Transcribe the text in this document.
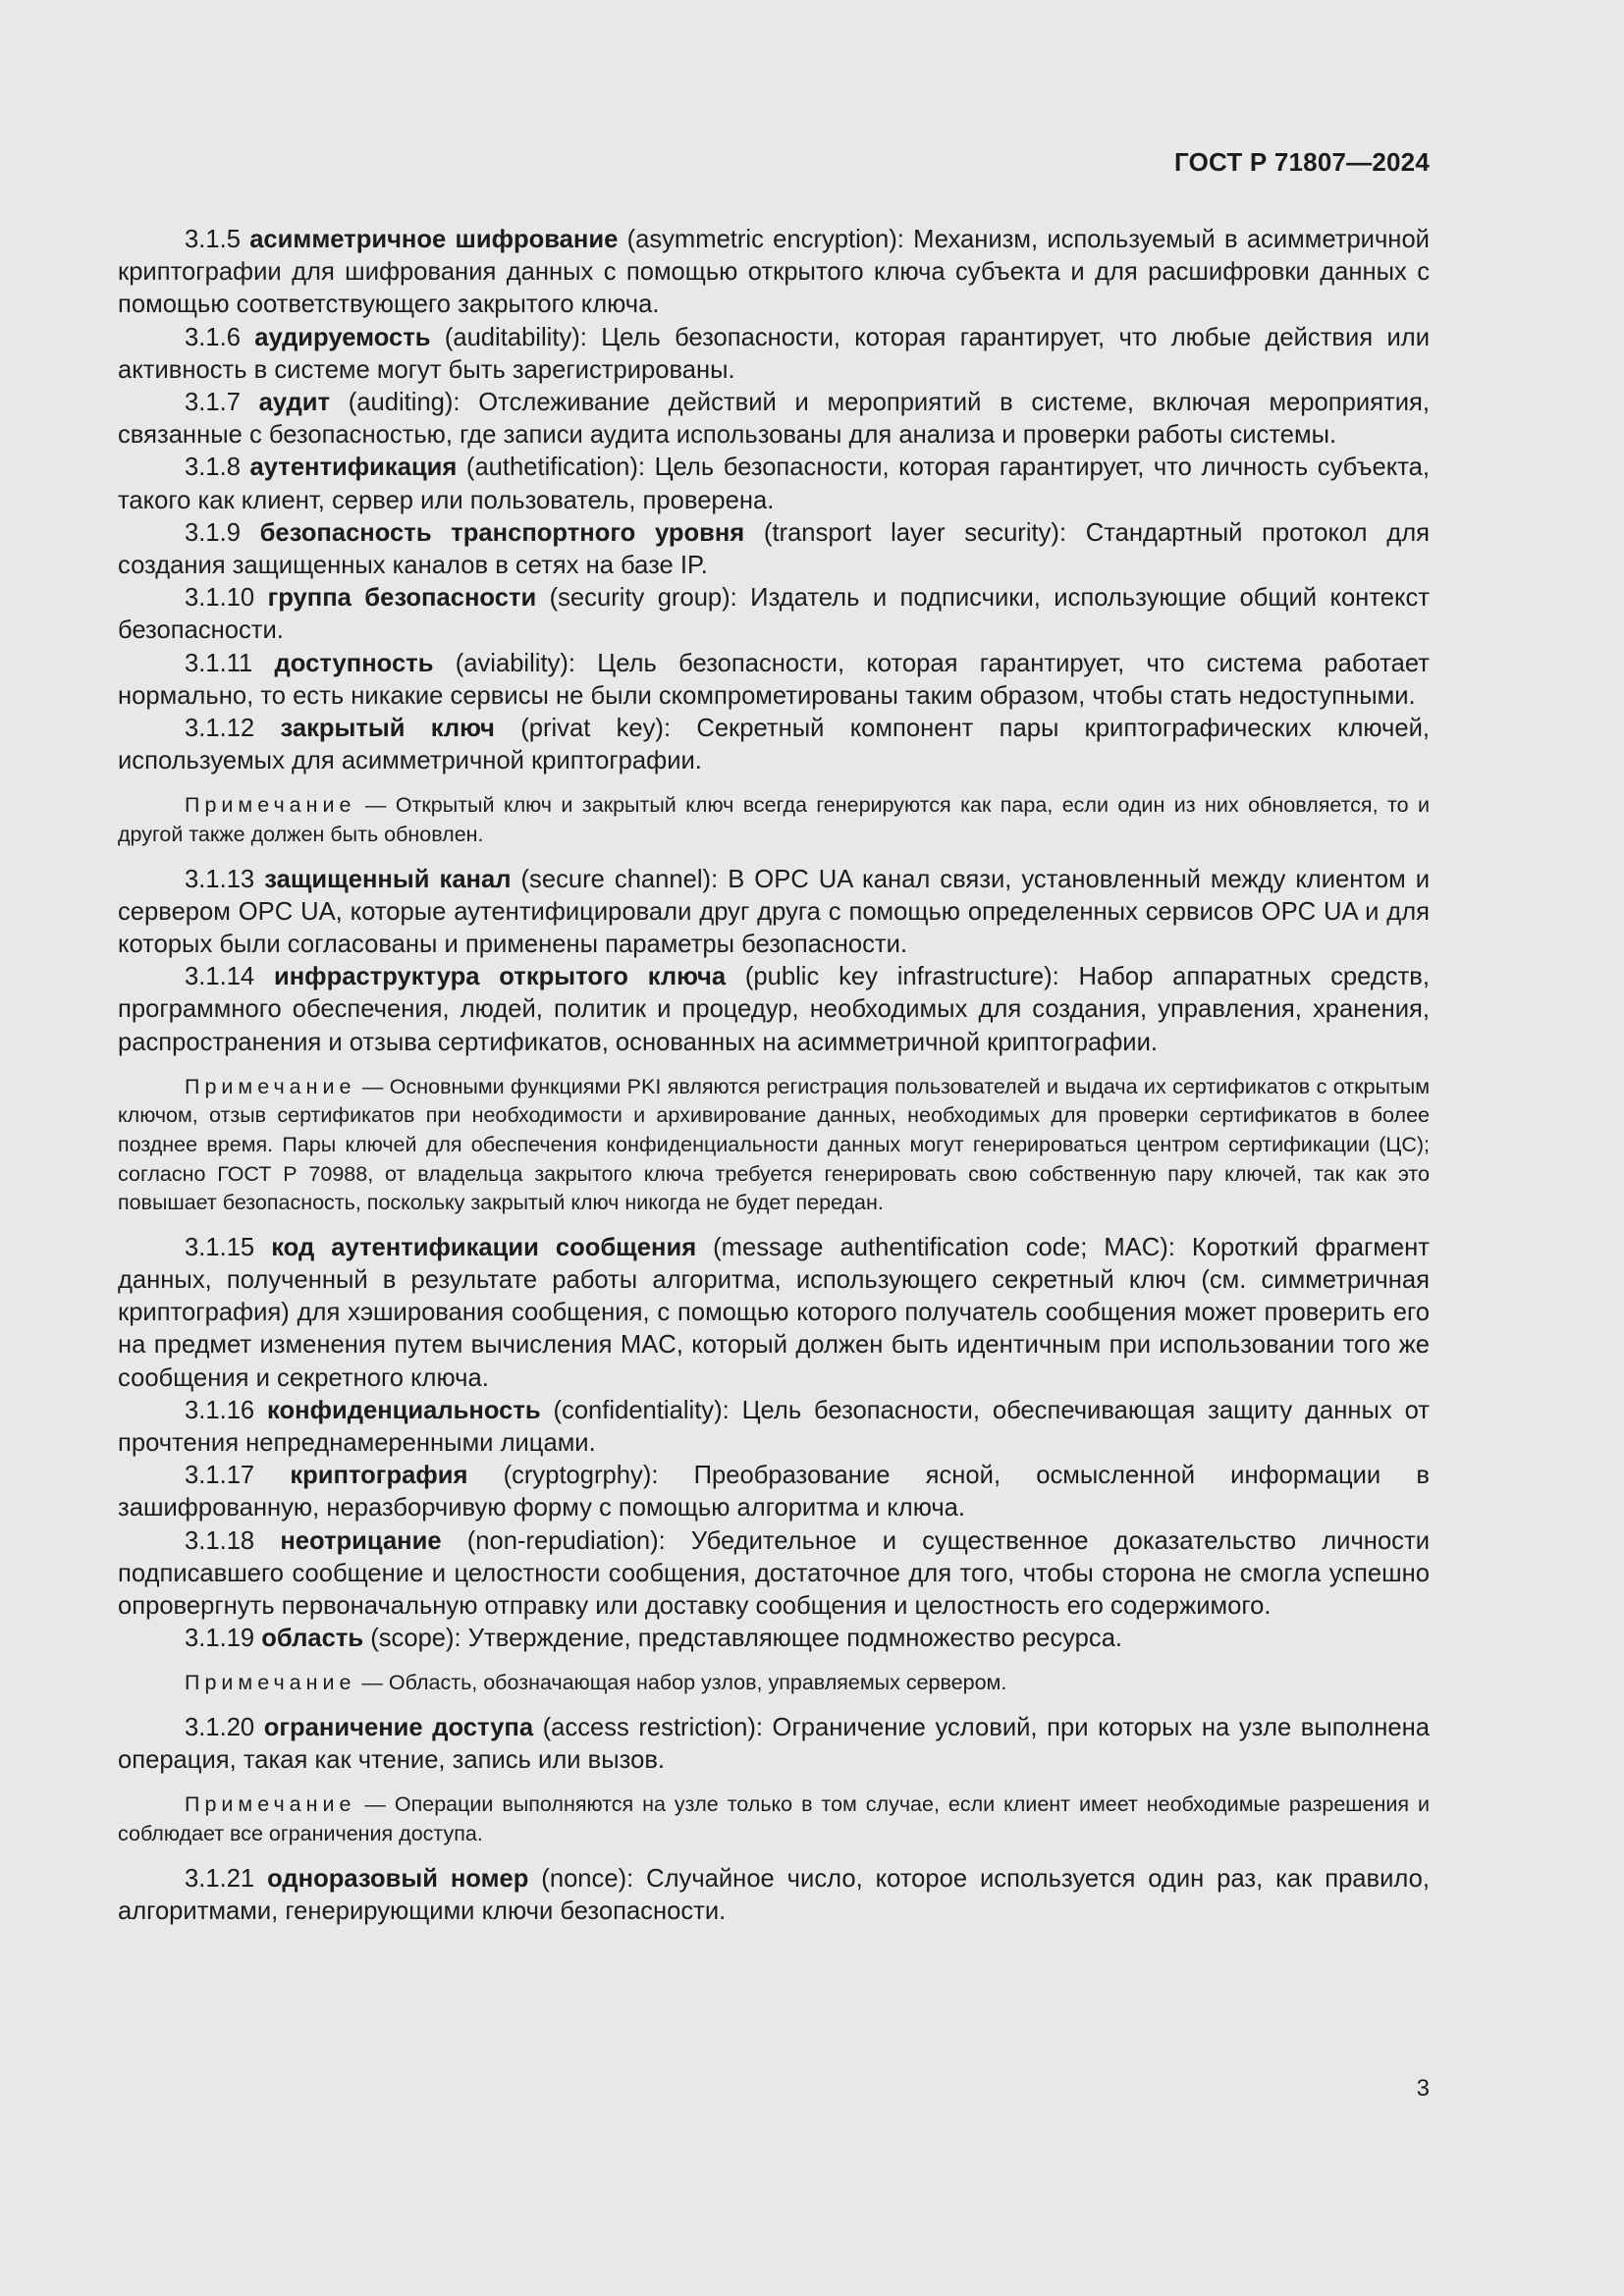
ГОСТ Р 71807—2024

3.1.5 асимметричное шифрование (asymmetric encryption): Механизм, используемый в асимметричной криптографии для шифрования данных с помощью открытого ключа субъекта и для расшифровки данных с помощью соответствующего закрытого ключа.

3.1.6 аудируемость (auditability): Цель безопасности, которая гарантирует, что любые действия или активность в системе могут быть зарегистрированы.

3.1.7 аудит (auditing): Отслеживание действий и мероприятий в системе, включая мероприятия, связанные с безопасностью, где записи аудита использованы для анализа и проверки работы системы.

3.1.8 аутентификация (authetification): Цель безопасности, которая гарантирует, что личность субъекта, такого как клиент, сервер или пользователь, проверена.

3.1.9 безопасность транспортного уровня (transport layer security): Стандартный протокол для создания защищенных каналов в сетях на базе IP.

3.1.10 группа безопасности (security group): Издатель и подписчики, использующие общий контекст безопасности.

3.1.11 доступность (aviability): Цель безопасности, которая гарантирует, что система работает нормально, то есть никакие сервисы не были скомпрометированы таким образом, чтобы стать недоступными.

3.1.12 закрытый ключ (privat key): Секретный компонент пары криптографических ключей, используемых для асимметричной криптографии.

Примечание — Открытый ключ и закрытый ключ всегда генерируются как пара, если один из них обновляется, то и другой также должен быть обновлен.

3.1.13 защищенный канал (secure channel): В OPC UA канал связи, установленный между клиентом и сервером OPC UA, которые аутентифицировали друг друга с помощью определенных сервисов OPC UA и для которых были согласованы и применены параметры безопасности.

3.1.14 инфраструктура открытого ключа (public key infrastructure): Набор аппаратных средств, программного обеспечения, людей, политик и процедур, необходимых для создания, управления, хранения, распространения и отзыва сертификатов, основанных на асимметричной криптографии.

Примечание — Основными функциями PKI являются регистрация пользователей и выдача их сертификатов с открытым ключом, отзыв сертификатов при необходимости и архивирование данных, необходимых для проверки сертификатов в более позднее время. Пары ключей для обеспечения конфиденциальности данных могут генерироваться центром сертификации (ЦС); согласно ГОСТ Р 70988, от владельца закрытого ключа требуется генерировать свою собственную пару ключей, так как это повышает безопасность, поскольку закрытый ключ никогда не будет передан.

3.1.15 код аутентификации сообщения (message authentification code; MAC): Короткий фрагмент данных, полученный в результате работы алгоритма, использующего секретный ключ (см. симметричная криптография) для хэширования сообщения, с помощью которого получатель сообщения может проверить его на предмет изменения путем вычисления MAC, который должен быть идентичным при использовании того же сообщения и секретного ключа.

3.1.16 конфиденциальность (confidentiality): Цель безопасности, обеспечивающая защиту данных от прочтения непреднамеренными лицами.

3.1.17 криптография (cryptogrphy): Преобразование ясной, осмысленной информации в зашифрованную, неразборчивую форму с помощью алгоритма и ключа.

3.1.18 неотрицание (non-repudiation): Убедительное и существенное доказательство личности подписавшего сообщение и целостности сообщения, достаточное для того, чтобы сторона не смогла успешно опровергнуть первоначальную отправку или доставку сообщения и целостность его содержимого.

3.1.19 область (scope): Утверждение, представляющее подмножество ресурса.

Примечание — Область, обозначающая набор узлов, управляемых сервером.

3.1.20 ограничение доступа (access restriction): Ограничение условий, при которых на узле выполнена операция, такая как чтение, запись или вызов.

Примечание — Операции выполняются на узле только в том случае, если клиент имеет необходимые разрешения и соблюдает все ограничения доступа.

3.1.21 одноразовый номер (nonce): Случайное число, которое используется один раз, как правило, алгоритмами, генерирующими ключи безопасности.

3
